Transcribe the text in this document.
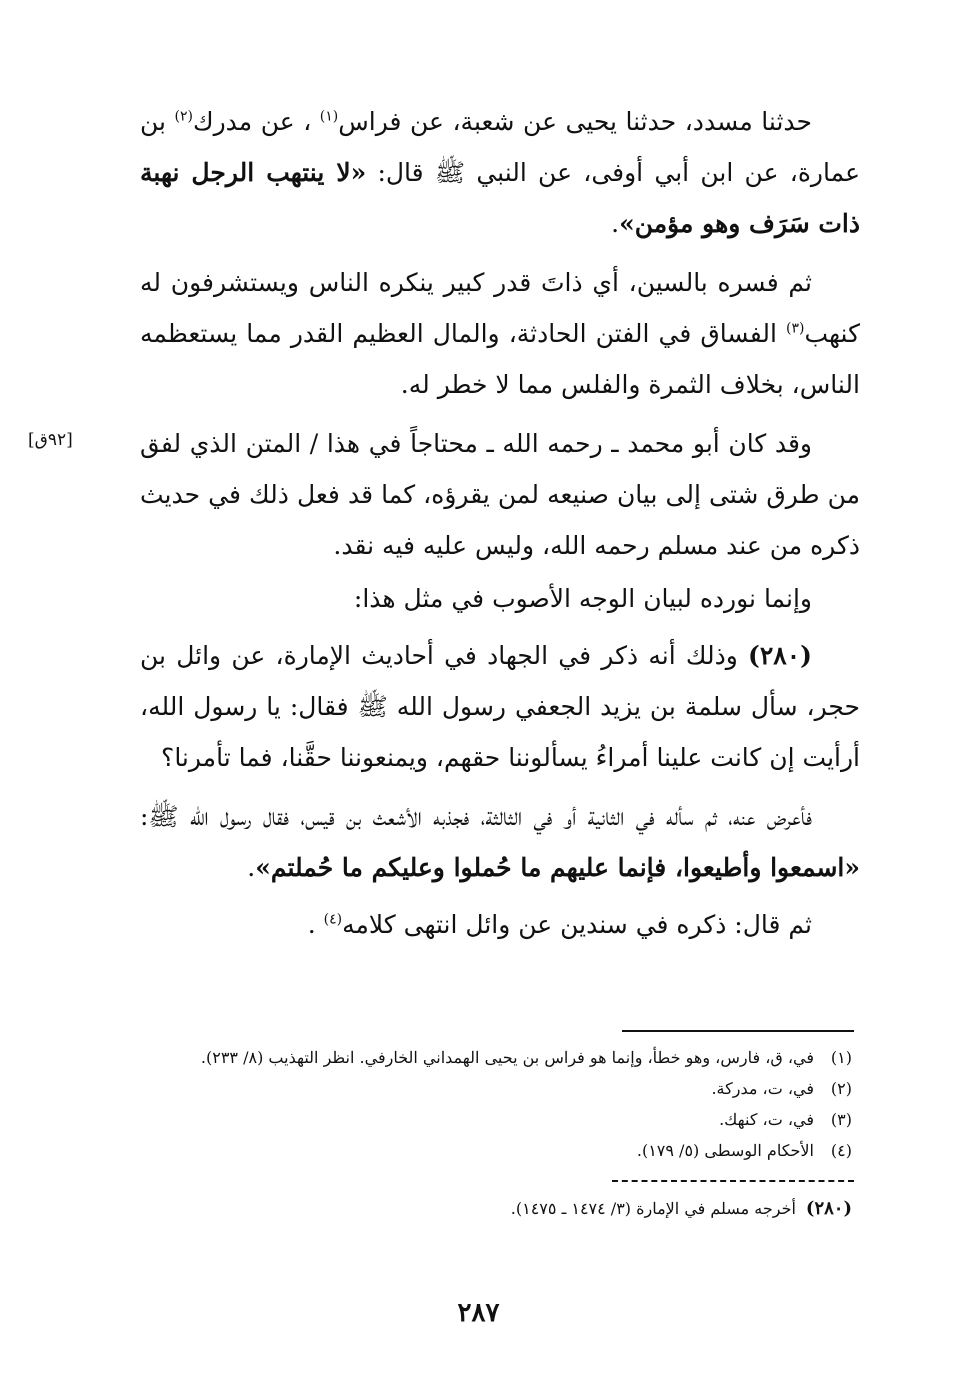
[٩٢ق]

حدثنا مسدد، حدثنا يحيى عن شعبة، عن فراس$^{(١)}$ ، عن مدرك$^{(٢)}$ بن عمارة، عن ابن أبي أوفى، عن النبي ﷺ قال: «لا ينتهب الرجل نهبة ذات سَرَف وهو مؤمن».

ثم فسره بالسين، أي ذاتَ قدر كبير ينكره الناس ويستشرفون له كنهب$^{(٣)}$ الفساق في الفتن الحادثة، والمال العظيم القدر مما يستعظمه الناس، بخلاف الثمرة والفلس مما لا خطر له.

وقد كان أبو محمد ـ رحمه الله ـ محتاجاً في هذا / المتن الذي لفق من طرق شتى إلى بيان صنيعه لمن يقرؤه، كما قد فعل ذلك في حديث ذكره من عند مسلم رحمه الله، وليس عليه فيه نقد.

وإنما نورده لبيان الوجه الأصوب في مثل هذا:

(٢٨٠) وذلك أنه ذكر في الجهاد في أحاديث الإمارة، عن وائل بن حجر، سأل سلمة بن يزيد الجعفي رسول الله ﷺ فقال: يا رسول الله، أرأيت إن كانت علينا أمراءُ يسألوننا حقهم، ويمنعوننا حقَّنا، فما تأمرنا؟

فأعرض عنه، ثم سأله في الثانية أو في الثالثة، فجذبه الأشعث بن قيس، فقال رسول الله ﷺ: «اسمعوا وأطيعوا، فإنما عليهم ما حُملوا وعليكم ما حُملتم».

ثم قال: ذكره في سندين عن وائل انتهى كلامه$^{(٤)}$ .

(١)في، ق، فارس، وهو خطأ، وإنما هو فراس بن يحيى الهمداني الخارفي. انظر التهذيب (٨/ ٢٣٣).

(٢)في، ت، مدركة.

(٣)في، ت، كنهك.

(٤)الأحكام الوسطى (٥/ ١٧٩).

(٢٨٠)أخرجه مسلم في الإمارة (٣/ ١٤٧٤ ـ ١٤٧٥).
٢٨٧
